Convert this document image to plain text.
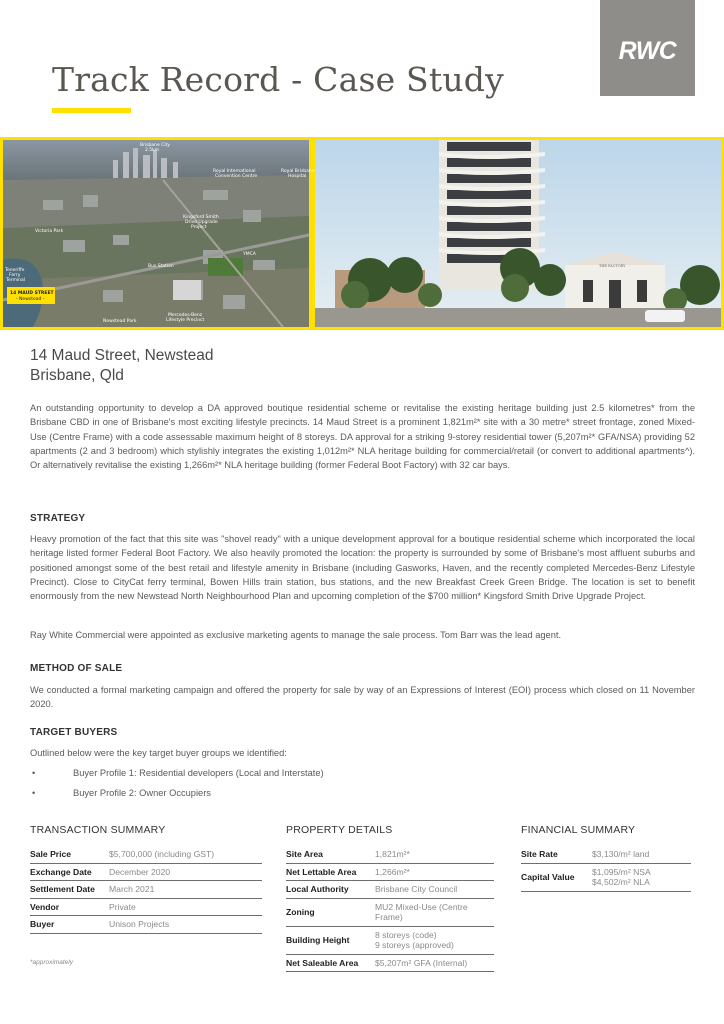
Track Record - Case Study
RWC
Brisbane City
2.5km
Royal International
Convention Centre
Royal Brisbane
Hospital
Victoria Park
Kingsford Smith
Drive Upgrade
Project
Bus Station
YMCA
Teneriffe
Ferry
Terminal
Newstead Park
Mercedes-Benz
Lifestyle Precinct
14 MAUD STREET
- Newstead -
THE FACTORY
14 Maud Street, Newstead
Brisbane, Qld

An outstanding opportunity to develop a DA approved boutique residential scheme or revitalise the existing heritage building just 2.5 kilometres* from the Brisbane CBD in one of Brisbane's most exciting lifestyle precincts. 14 Maud Street is a prominent 1,821m²* site with a 30 metre* street frontage, zoned Mixed-Use (Centre Frame) with a code assessable maximum height of 8 storeys. DA approval for a striking 9-storey residential tower (5,207m²* GFA/NSA) providing 52 apartments (2 and 3 bedroom) which stylishly integrates the existing 1,012m²* NLA heritage building for commercial/retail (or convert to additional apartments^). Or alternatively revitalise the existing 1,266m²* NLA heritage building (former Federal Boot Factory) with 32 car bays.

STRATEGY

Heavy promotion of the fact that this site was "shovel ready" with a unique development approval for a boutique residential scheme which incorporated the local heritage listed former Federal Boot Factory. We also heavily promoted the location: the property is surrounded by some of Brisbane's most affluent suburbs and positioned amongst some of the best retail and lifestyle amenity in Brisbane (including Gasworks, Haven, and the recently completed Mercedes-Benz Lifestyle Precinct). Close to CityCat ferry terminal, Bowen Hills train station, bus stations, and the new Breakfast Creek Green Bridge. The location is set to benefit enormously from the new Newstead North Neighbourhood Plan and upcoming completion of the $700 million* Kingsford Smith Drive Upgrade Project.

Ray White Commercial were appointed as exclusive marketing agents to manage the sale process. Tom Barr was the lead agent.

METHOD OF SALE

We conducted a formal marketing campaign and offered the property for sale by way of an Expressions of Interest (EOI) process which closed on 11 November 2020.

TARGET BUYERS

Outlined below were the key target buyer groups we identified:

•	Buyer Profile 1: Residential developers (Local and Interstate)
•	Buyer Profile 2: Owner Occupiers
TRANSACTION SUMMARY
Sale Price	$5,700,000 (including GST)
Exchange Date	December 2020
Settlement Date	March 2021
Vendor	Private
Buyer	Unison Projects
*approximately
PROPERTY DETAILS
Site Area	1,821m²*
Net Lettable Area	1,266m²*
Local Authority	Brisbane City Council
Zoning	MU2 Mixed-Use (Centre Frame)
Building Height	8 storeys (code)
9 storeys (approved)

Net Saleable Area	$5,207m² GFA (Internal)
FINANCIAL SUMMARY
Site Rate	$3,130/m² land
Capital Value	$1,095/m² NSA
$4,502/m² NLA
